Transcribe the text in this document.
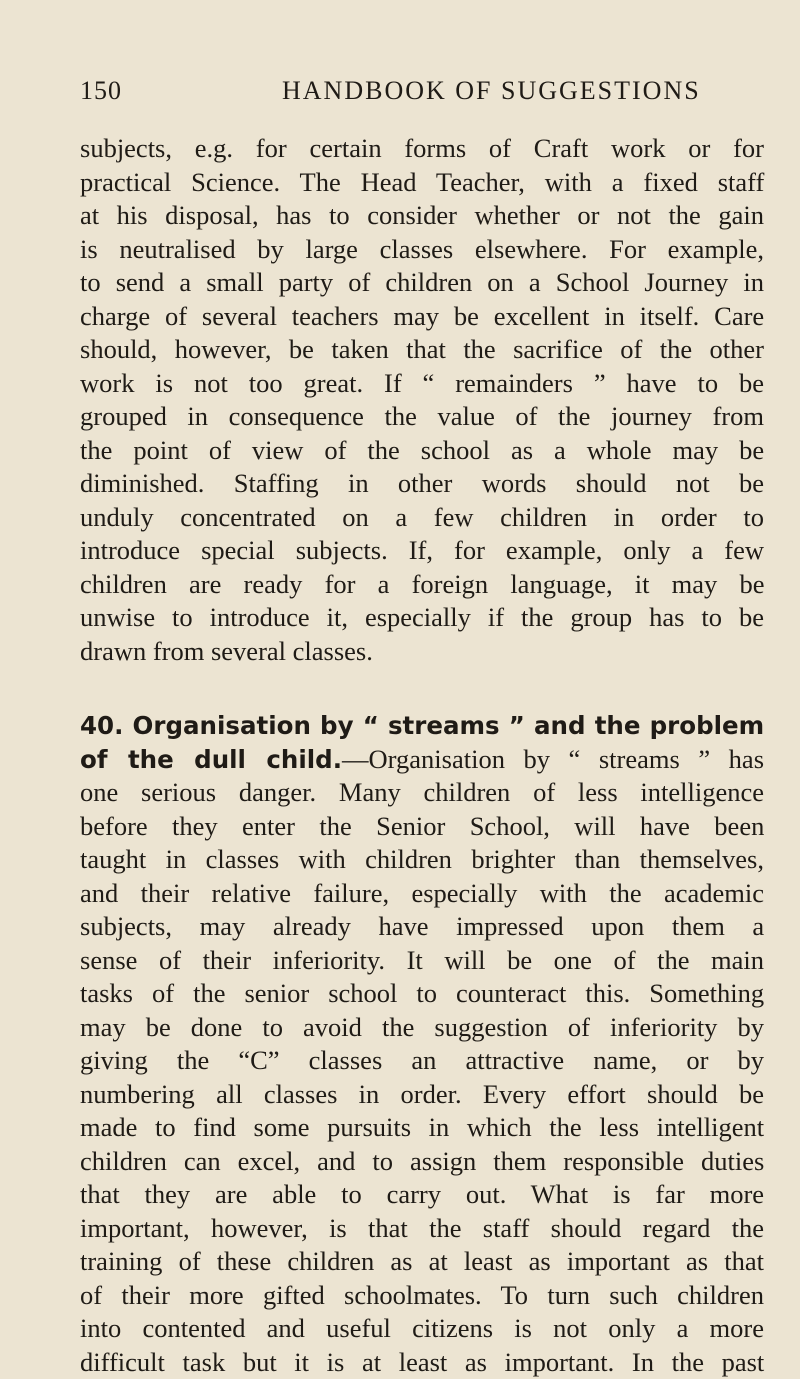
150	HANDBOOK OF SUGGESTIONS

subjects, e.g. for certain forms of Craft work or for
practical Science. The Head Teacher, with a fixed staff
at his disposal, has to consider whether or not the gain
is neutralised by large classes elsewhere. For example,
to send a small party of children on a School Journey in
charge of several teachers may be excellent in itself. Care
should, however, be taken that the sacrifice of the other
work is not too great. If “ remainders ” have to be
grouped in consequence the value of the journey from
the point of view of the school as a whole may be
diminished. Staffing in other words should not be
unduly concentrated on a few children in order to
introduce special subjects. If, for example, only a few
children are ready for a foreign language, it may be
unwise to introduce it, especially if the group has to be
drawn from several classes.

40. Organisation by “ streams ” and the problem
of the dull child.—Organisation by “ streams ” has
one serious danger. Many children of less intelligence
before they enter the Senior School, will have been
taught in classes with children brighter than themselves,
and their relative failure, especially with the academic
subjects, may already have impressed upon them a
sense of their inferiority. It will be one of the main
tasks of the senior school to counteract this. Something
may be done to avoid the suggestion of inferiority by
giving the “C” classes an attractive name, or by
numbering all classes in order. Every effort should be
made to find some pursuits in which the less intelligent
children can excel, and to assign them responsible duties
that they are able to carry out. What is far more
important, however, is that the staff should regard the
training of these children as at least as important as that
of their more gifted schoolmates. To turn such children
into contented and useful citizens is not only a more
difficult task but it is at least as important. In the past
